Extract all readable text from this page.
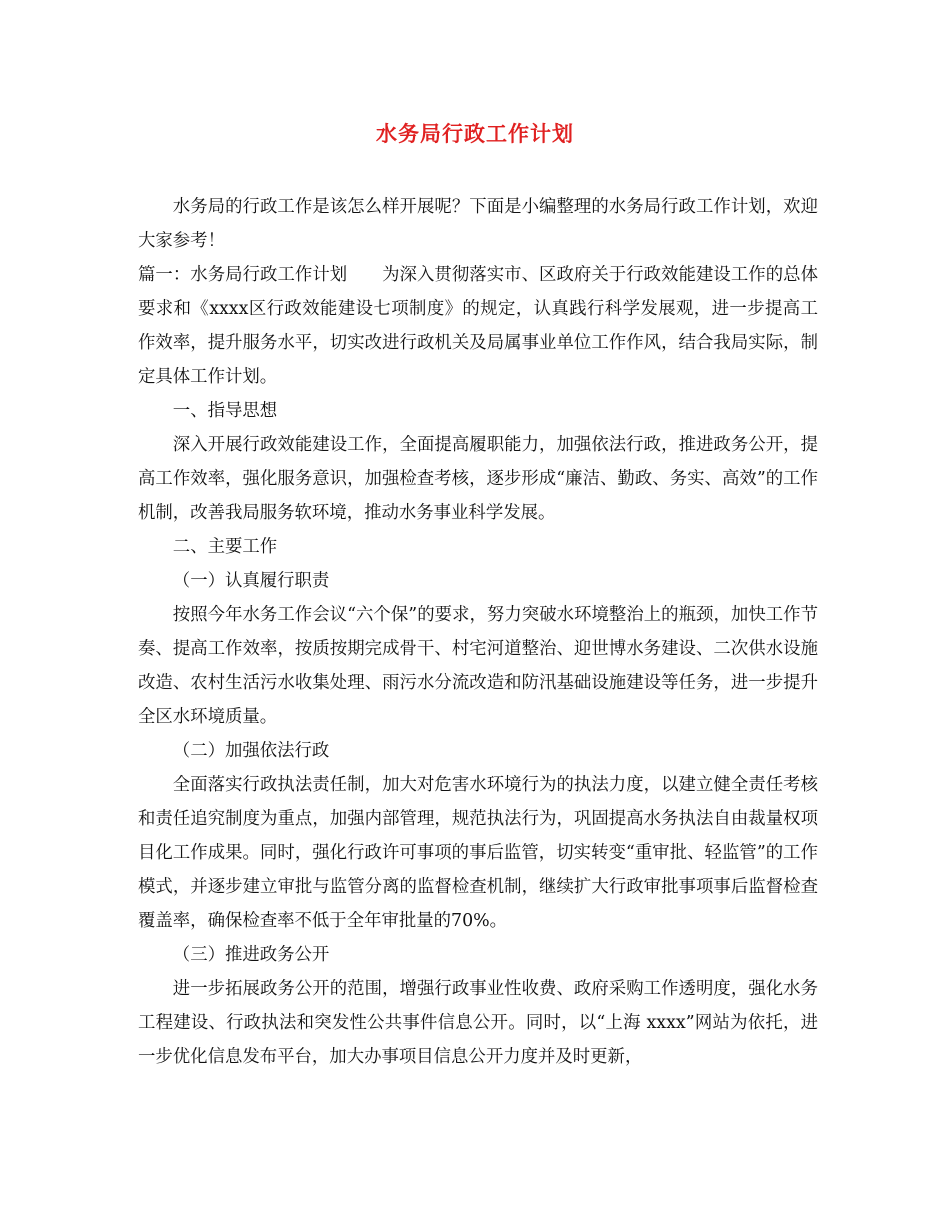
水务局行政工作计划

水务局的行政工作是该怎么样开展呢？下面是小编整理的水务局行政工作计划，欢迎大家参考！

篇一：水务局行政工作计划　　为深入贯彻落实市、区政府关于行政效能建设工作的总体要求和《xxxx区行政效能建设七项制度》的规定，认真践行科学发展观，进一步提高工作效率，提升服务水平，切实改进行政机关及局属事业单位工作作风，结合我局实际，制定具体工作计划。

一、指导思想

深入开展行政效能建设工作，全面提高履职能力，加强依法行政，推进政务公开，提高工作效率，强化服务意识，加强检查考核，逐步形成“廉洁、勤政、务实、高效”的工作机制，改善我局服务软环境，推动水务事业科学发展。

二、主要工作

（一）认真履行职责

按照今年水务工作会议“六个保”的要求，努力突破水环境整治上的瓶颈，加快工作节奏、提高工作效率，按质按期完成骨干、村宅河道整治、迎世博水务建设、二次供水设施改造、农村生活污水收集处理、雨污水分流改造和防汛基础设施建设等任务，进一步提升全区水环境质量。

（二）加强依法行政

全面落实行政执法责任制，加大对危害水环境行为的执法力度，以建立健全责任考核和责任追究制度为重点，加强内部管理，规范执法行为，巩固提高水务执法自由裁量权项目化工作成果。同时，强化行政许可事项的事后监管，切实转变“重审批、轻监管”的工作模式，并逐步建立审批与监管分离的监督检查机制，继续扩大行政审批事项事后监督检查覆盖率，确保检查率不低于全年审批量的70%。

（三）推进政务公开

进一步拓展政务公开的范围，增强行政事业性收费、政府采购工作透明度，强化水务工程建设、行政执法和突发性公共事件信息公开。同时，以“上海 xxxx”网站为依托，进一步优化信息发布平台，加大办事项目信息公开力度并及时更新，
